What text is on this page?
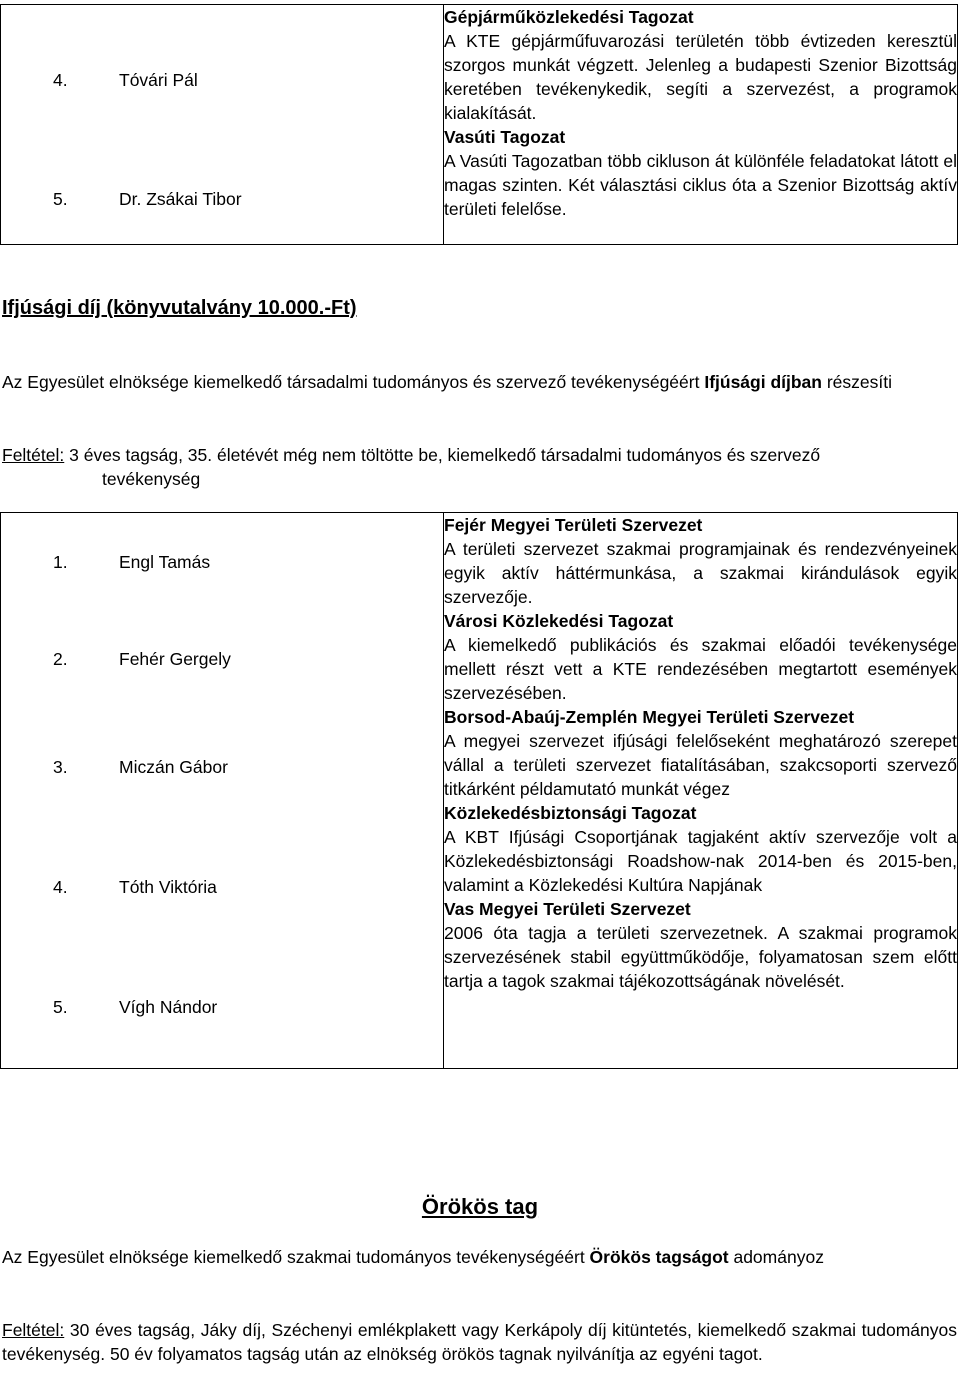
4.	Tóvári Pál
5.	Dr. Zsákai Tibor

Gépjárműközlekedési Tagozat

A KTE gépjárműfuvarozási területén több évtizeden keresztül szorgos munkát végzett. Jelenleg a budapesti Szenior Bizottság keretében tevékenykedik, segíti a szervezést, a programok kialakítását.

Vasúti Tagozat

A Vasúti Tagozatban több cikluson át különféle feladatokat látott el magas szinten. Két választási ciklus óta a Szenior Bizottság aktív területi felelőse.

Ifjúsági díj (könyvutalvány 10.000.-Ft)
Az Egyesület elnöksége kiemelkedő társadalmi tudományos és szervező tevékenységéért Ifjúsági díjban részesíti
Feltétel: 3 éves tagság, 35. életévét még nem töltötte be, kiemelkedő társadalmi tudományos és szervező
tevékenység
1.	Engl Tamás
2.	Fehér Gergely
3.	Miczán Gábor
4.	Tóth Viktória
5.	Vígh Nándor

Fejér Megyei Területi Szervezet

A területi szervezet szakmai programjainak és rendezvényeinek egyik aktív háttérmunkása, a szakmai kirándulások egyik szervezője.

Városi Közlekedési Tagozat

A kiemelkedő publikációs és szakmai előadói tevékenysége mellett részt vett a KTE rendezésében megtartott események szervezésében.

Borsod-Abaúj-Zemplén Megyei Területi Szervezet

A megyei szervezet ifjúsági felelőseként meghatározó szerepet vállal a területi szervezet fiatalításában, szakcsoporti szervező titkárként példamutató munkát végez

Közlekedésbiztonsági Tagozat

A KBT Ifjúsági Csoportjának tagjaként aktív szervezője volt a Közlekedésbiztonsági Roadshow-nak 2014-ben és 2015-ben, valamint a Közlekedési Kultúra Napjának

Vas Megyei Területi Szervezet

2006 óta tagja a területi szervezetnek. A szakmai programok szervezésének stabil együttműködője, folyamatosan szem előtt tartja a tagok szakmai tájékozottságának növelését.

Örökös tag
Az Egyesület elnöksége kiemelkedő szakmai tudományos tevékenységéért Örökös tagságot adományoz
Feltétel: 30 éves tagság, Jáky díj, Széchenyi emlékplakett vagy Kerkápoly díj kitüntetés, kiemelkedő szakmai tudományos tevékenység. 50 év folyamatos tagság után az elnökség örökös tagnak nyilvánítja az egyéni tagot.
